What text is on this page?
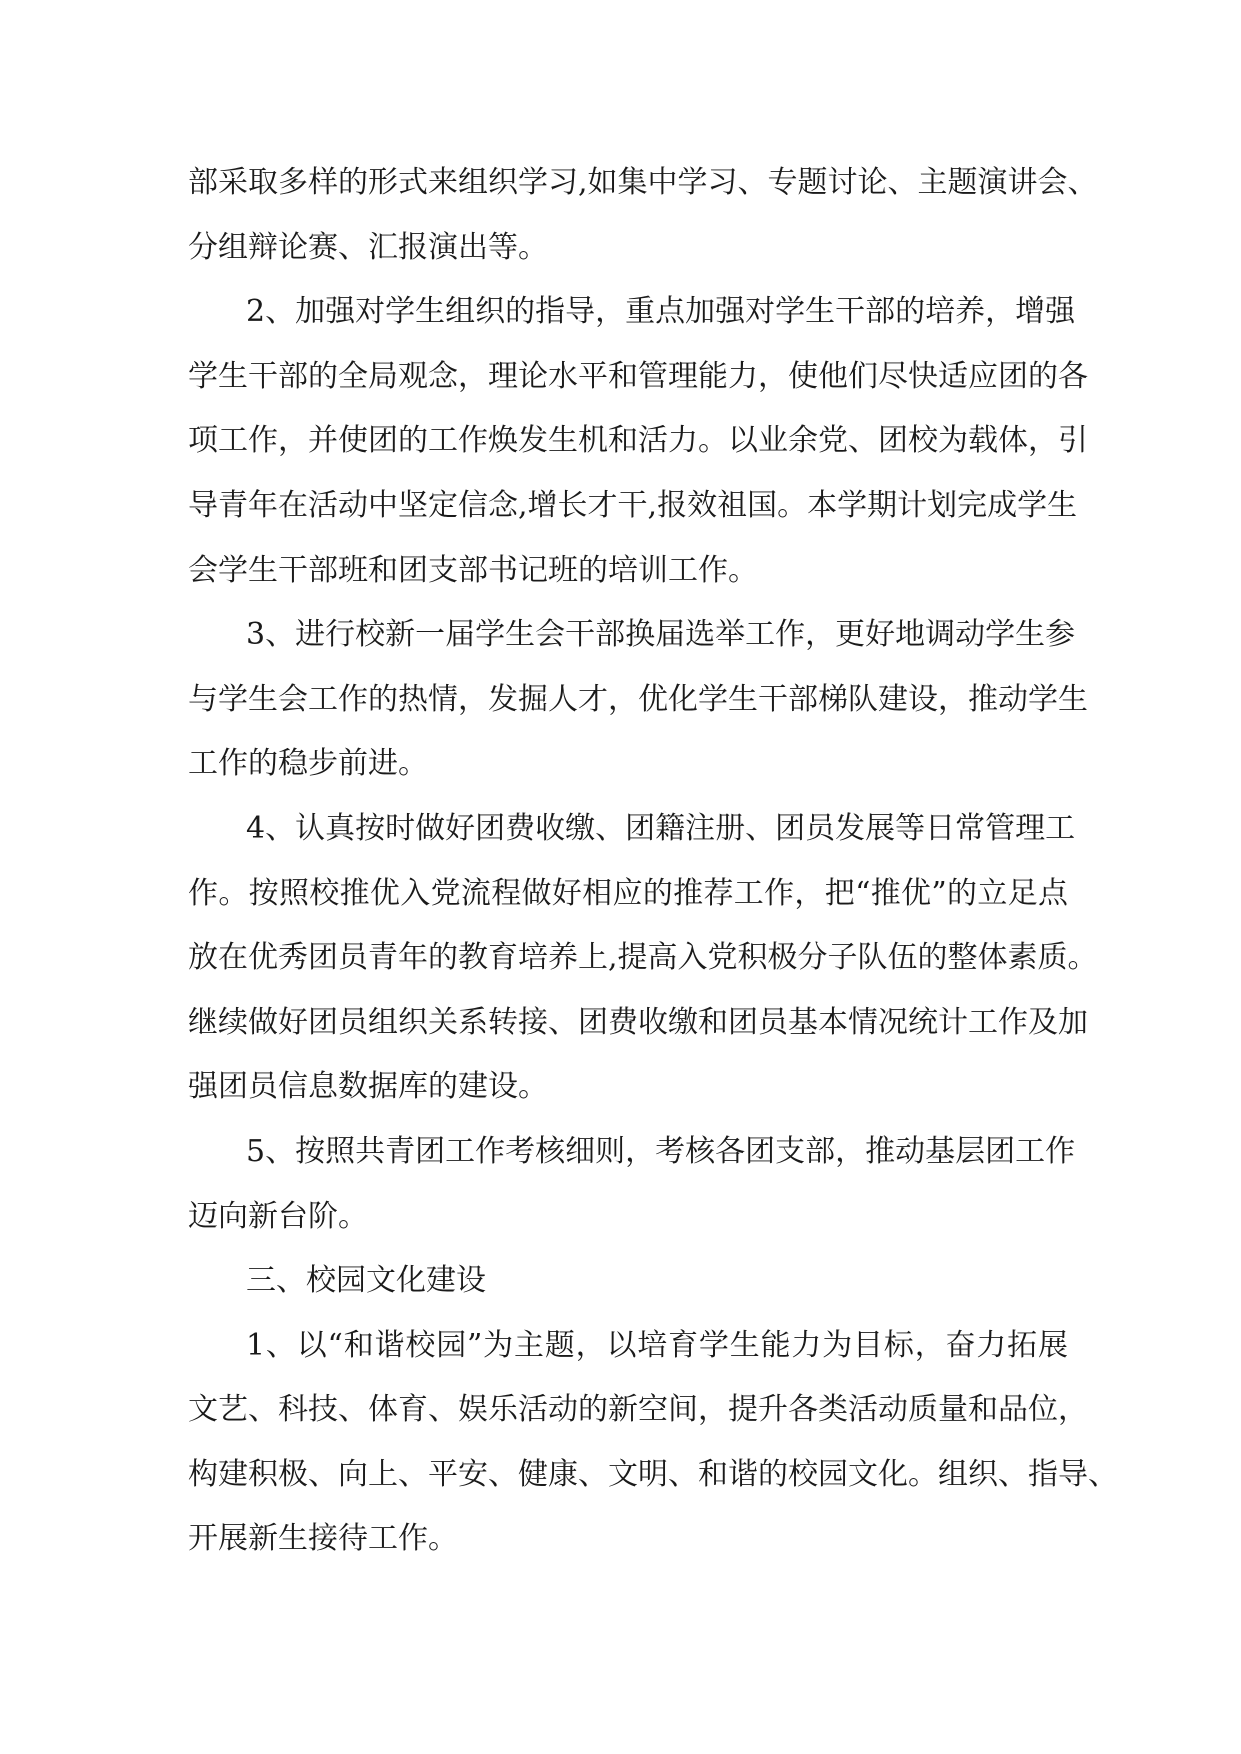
部采取多样的形式来组织学习,如集中学习、专题讨论、主题演讲会、
分组辩论赛、汇报演出等。
2、加强对学生组织的指导，重点加强对学生干部的培养，增强
学生干部的全局观念，理论水平和管理能力，使他们尽快适应团的各
项工作，并使团的工作焕发生机和活力。以业余党、团校为载体，引
导青年在活动中坚定信念,增长才干,报效祖国。本学期计划完成学生
会学生干部班和团支部书记班的培训工作。
3、进行校新一届学生会干部换届选举工作，更好地调动学生参
与学生会工作的热情，发掘人才，优化学生干部梯队建设，推动学生
工作的稳步前进。
4、认真按时做好团费收缴、团籍注册、团员发展等日常管理工
作。按照校推优入党流程做好相应的推荐工作，把“推优”的立足点
放在优秀团员青年的教育培养上,提高入党积极分子队伍的整体素质。
继续做好团员组织关系转接、团费收缴和团员基本情况统计工作及加
强团员信息数据库的建设。
5、按照共青团工作考核细则，考核各团支部，推动基层团工作
迈向新台阶。
三、校园文化建设
1、以“和谐校园”为主题，以培育学生能力为目标，奋力拓展
文艺、科技、体育、娱乐活动的新空间，提升各类活动质量和品位，
构建积极、向上、平安、健康、文明、和谐的校园文化。组织、指导、
开展新生接待工作。
